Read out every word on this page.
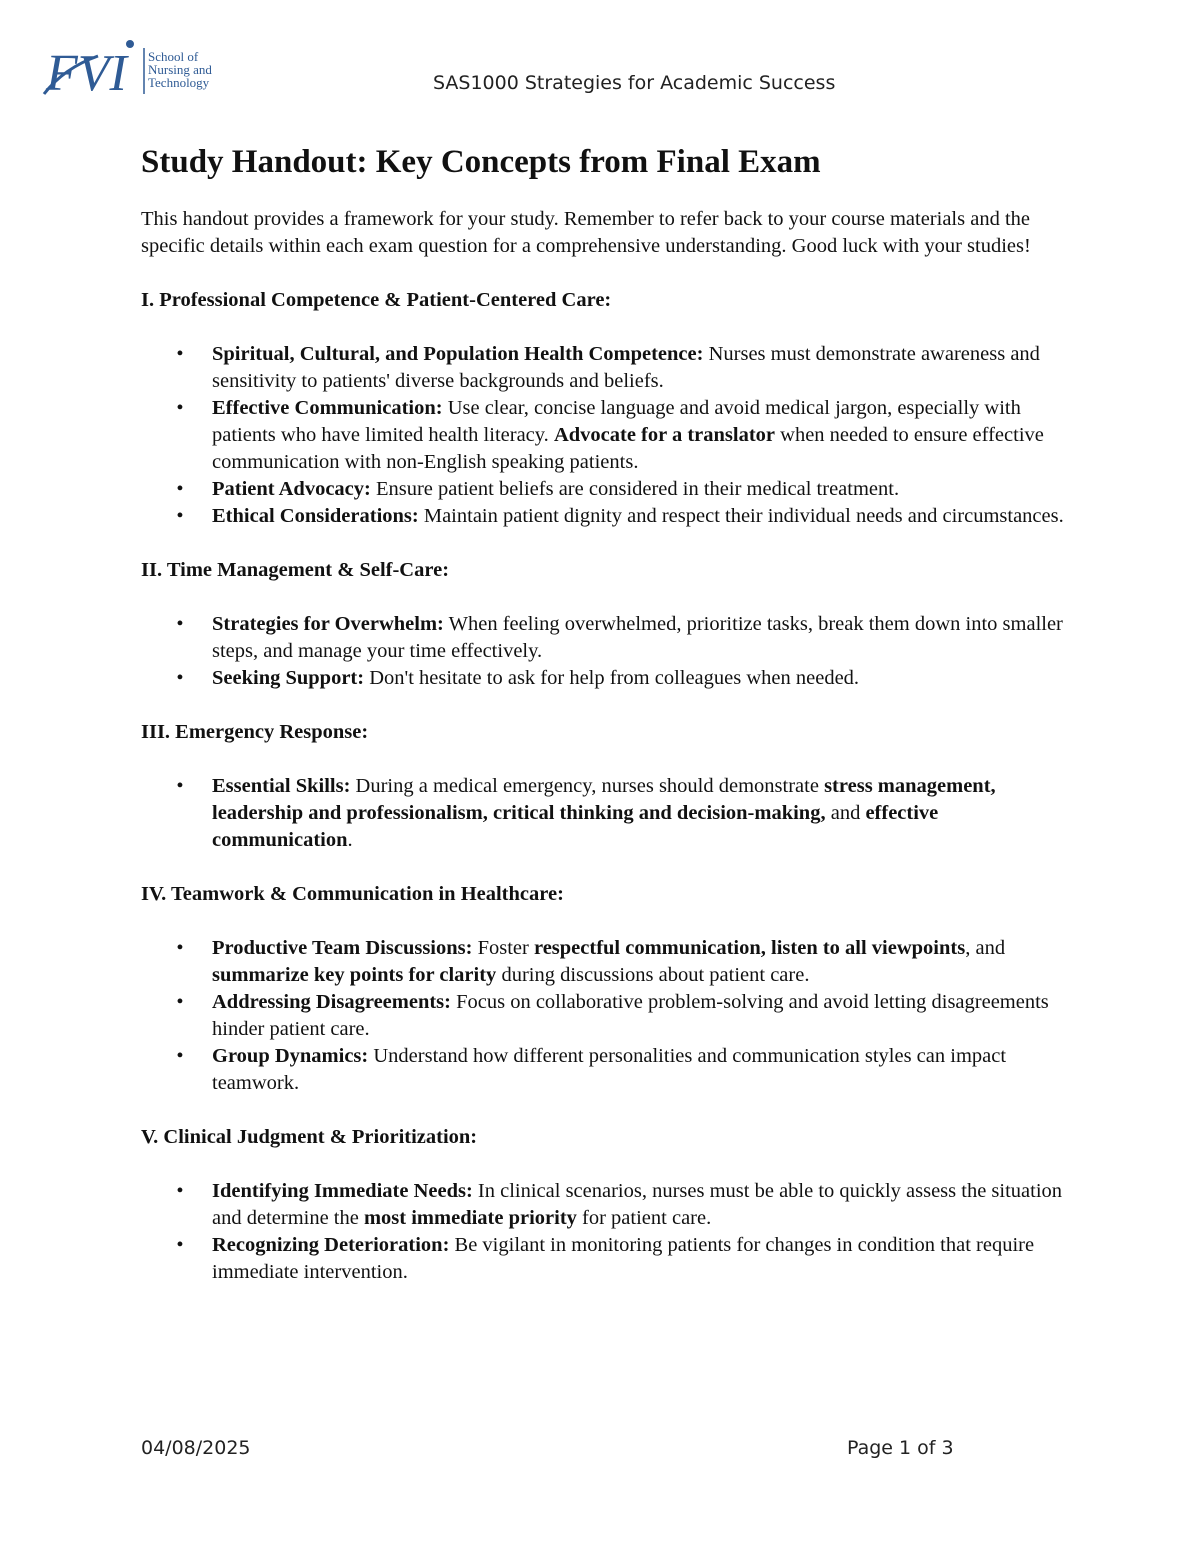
FVI School of
Nursing and
Technology	SAS1000 Strategies for Academic Success
Study Handout: Key Concepts from Final Exam

This handout provides a framework for your study. Remember to refer back to your course materials and the specific details within each exam question for a comprehensive understanding. Good luck with your studies!

I. Professional Competence & Patient-Centered Care:
• Spiritual, Cultural, and Population Health Competence: Nurses must demonstrate awareness and sensitivity to patients' diverse backgrounds and beliefs.
• Effective Communication: Use clear, concise language and avoid medical jargon, especially with patients who have limited health literacy. Advocate for a translator when needed to ensure effective communication with non-English speaking patients.
• Patient Advocacy: Ensure patient beliefs are considered in their medical treatment.
• Ethical Considerations: Maintain patient dignity and respect their individual needs and circumstances.
II. Time Management & Self-Care:
• Strategies for Overwhelm: When feeling overwhelmed, prioritize tasks, break them down into smaller steps, and manage your time effectively.
• Seeking Support: Don't hesitate to ask for help from colleagues when needed.
III. Emergency Response:
• Essential Skills: During a medical emergency, nurses should demonstrate stress management, leadership and professionalism, critical thinking and decision-making, and effective communication.
IV. Teamwork & Communication in Healthcare:
• Productive Team Discussions: Foster respectful communication, listen to all viewpoints, and summarize key points for clarity during discussions about patient care.
• Addressing Disagreements: Focus on collaborative problem-solving and avoid letting disagreements hinder patient care.
• Group Dynamics: Understand how different personalities and communication styles can impact teamwork.
V. Clinical Judgment & Prioritization:
• Identifying Immediate Needs: In clinical scenarios, nurses must be able to quickly assess the situation and determine the most immediate priority for patient care.
• Recognizing Deterioration: Be vigilant in monitoring patients for changes in condition that require immediate intervention.
04/08/2025	Page 1 of 3
